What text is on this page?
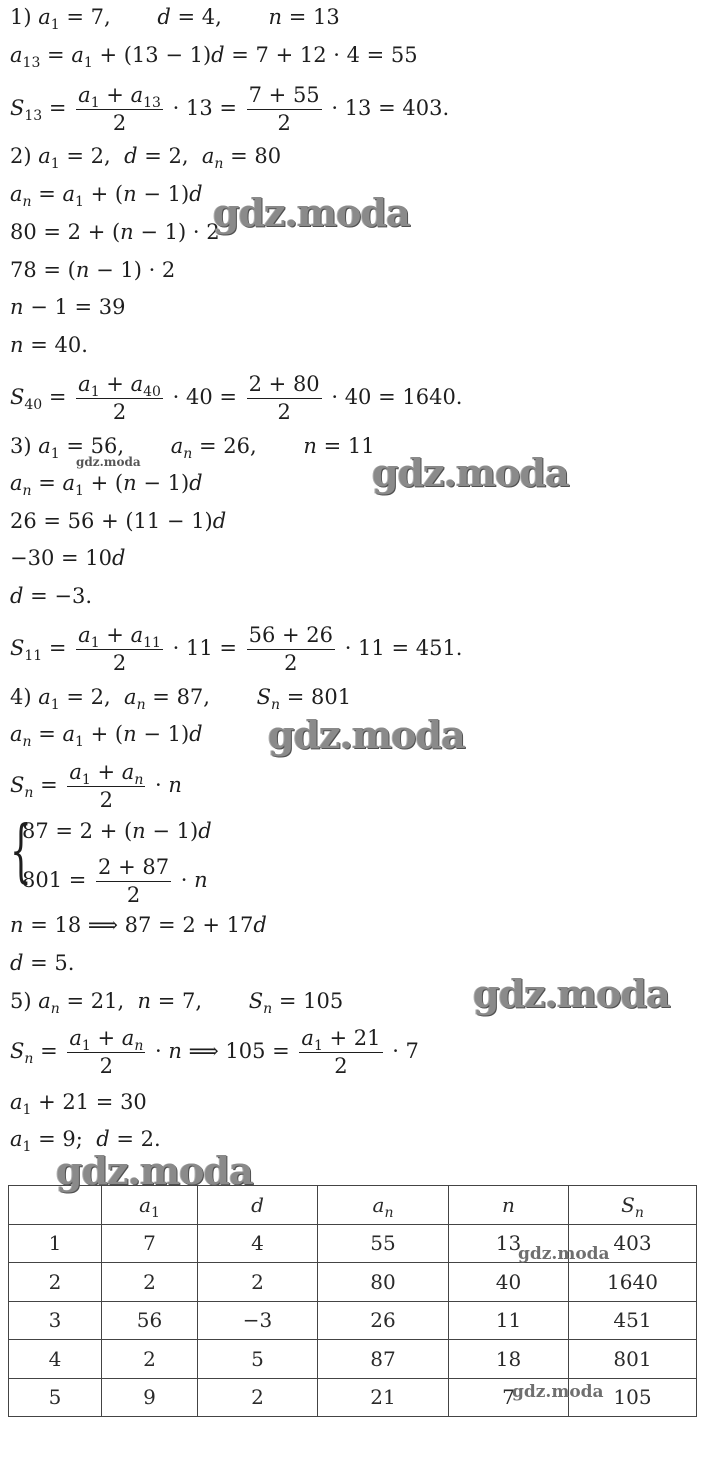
1) $a_1 = 7$, d = 4, n = 13
$a_{13} = a_1 + (13 - 1)d = 7 + 12 \cdot 4 = 55$
$S_{13} = \frac{a_1 + a_{13}}{2} \cdot 13 = \frac{7 + 55}{2} \cdot 13 = 403$.
2) $a_1 = 2$, d = 2, $a_n = 80$
$a_n = a_1 + (n - 1)d$
80 = 2 + (n − 1) · 2
78 = (n − 1) · 2
n − 1 = 39
n = 40.
$S_{40} = \frac{a_1 + a_{40}}{2} \cdot 40 = \frac{2 + 80}{2} \cdot 40 = 1640$.
3) $a_1 = 56$, $a_n = 26$, n = 11
$a_n = a_1 + (n - 1)d$
26 = 56 + (11 − 1)d
−30 = 10d
d = −3.
$S_{11} = \frac{a_1 + a_{11}}{2} \cdot 11 = \frac{56 + 26}{2} \cdot 11 = 451$.
4) $a_1 = 2$,  $a_n = 87$, $S_n = 801$
$a_n = a_1 + (n - 1)d$
$S_n = \frac{a_1 + a_n}{2} \cdot n$
{
87 = 2 + (n − 1)d
$801 = \frac{2 + 87}{2} \cdot n$
n = 18 ⟹ 87 = 2 + 17d
d = 5.
5) $a_n = 21$, n = 7, $S_n = 105$
$S_n = \frac{a_1 + a_n}{2} \cdot n$ ⟹ $105 = \frac{a_1 + 21}{2} \cdot 7$
$a_1 + 21 = 30$
$a_1 = 9$; d = 2.
	$a_1$	d	$a_n$	n	$S_n$
1	7	4	55	13	403
2	2	2	80	40	1640
3	56	−3	26	11	451
4	2	5	87	18	801
5	9	2	21	7	105
gdz.moda
gdz.moda	gdz.moda
gdz.moda
gdz.moda
gdz.moda
gdz.moda
gdz.moda
